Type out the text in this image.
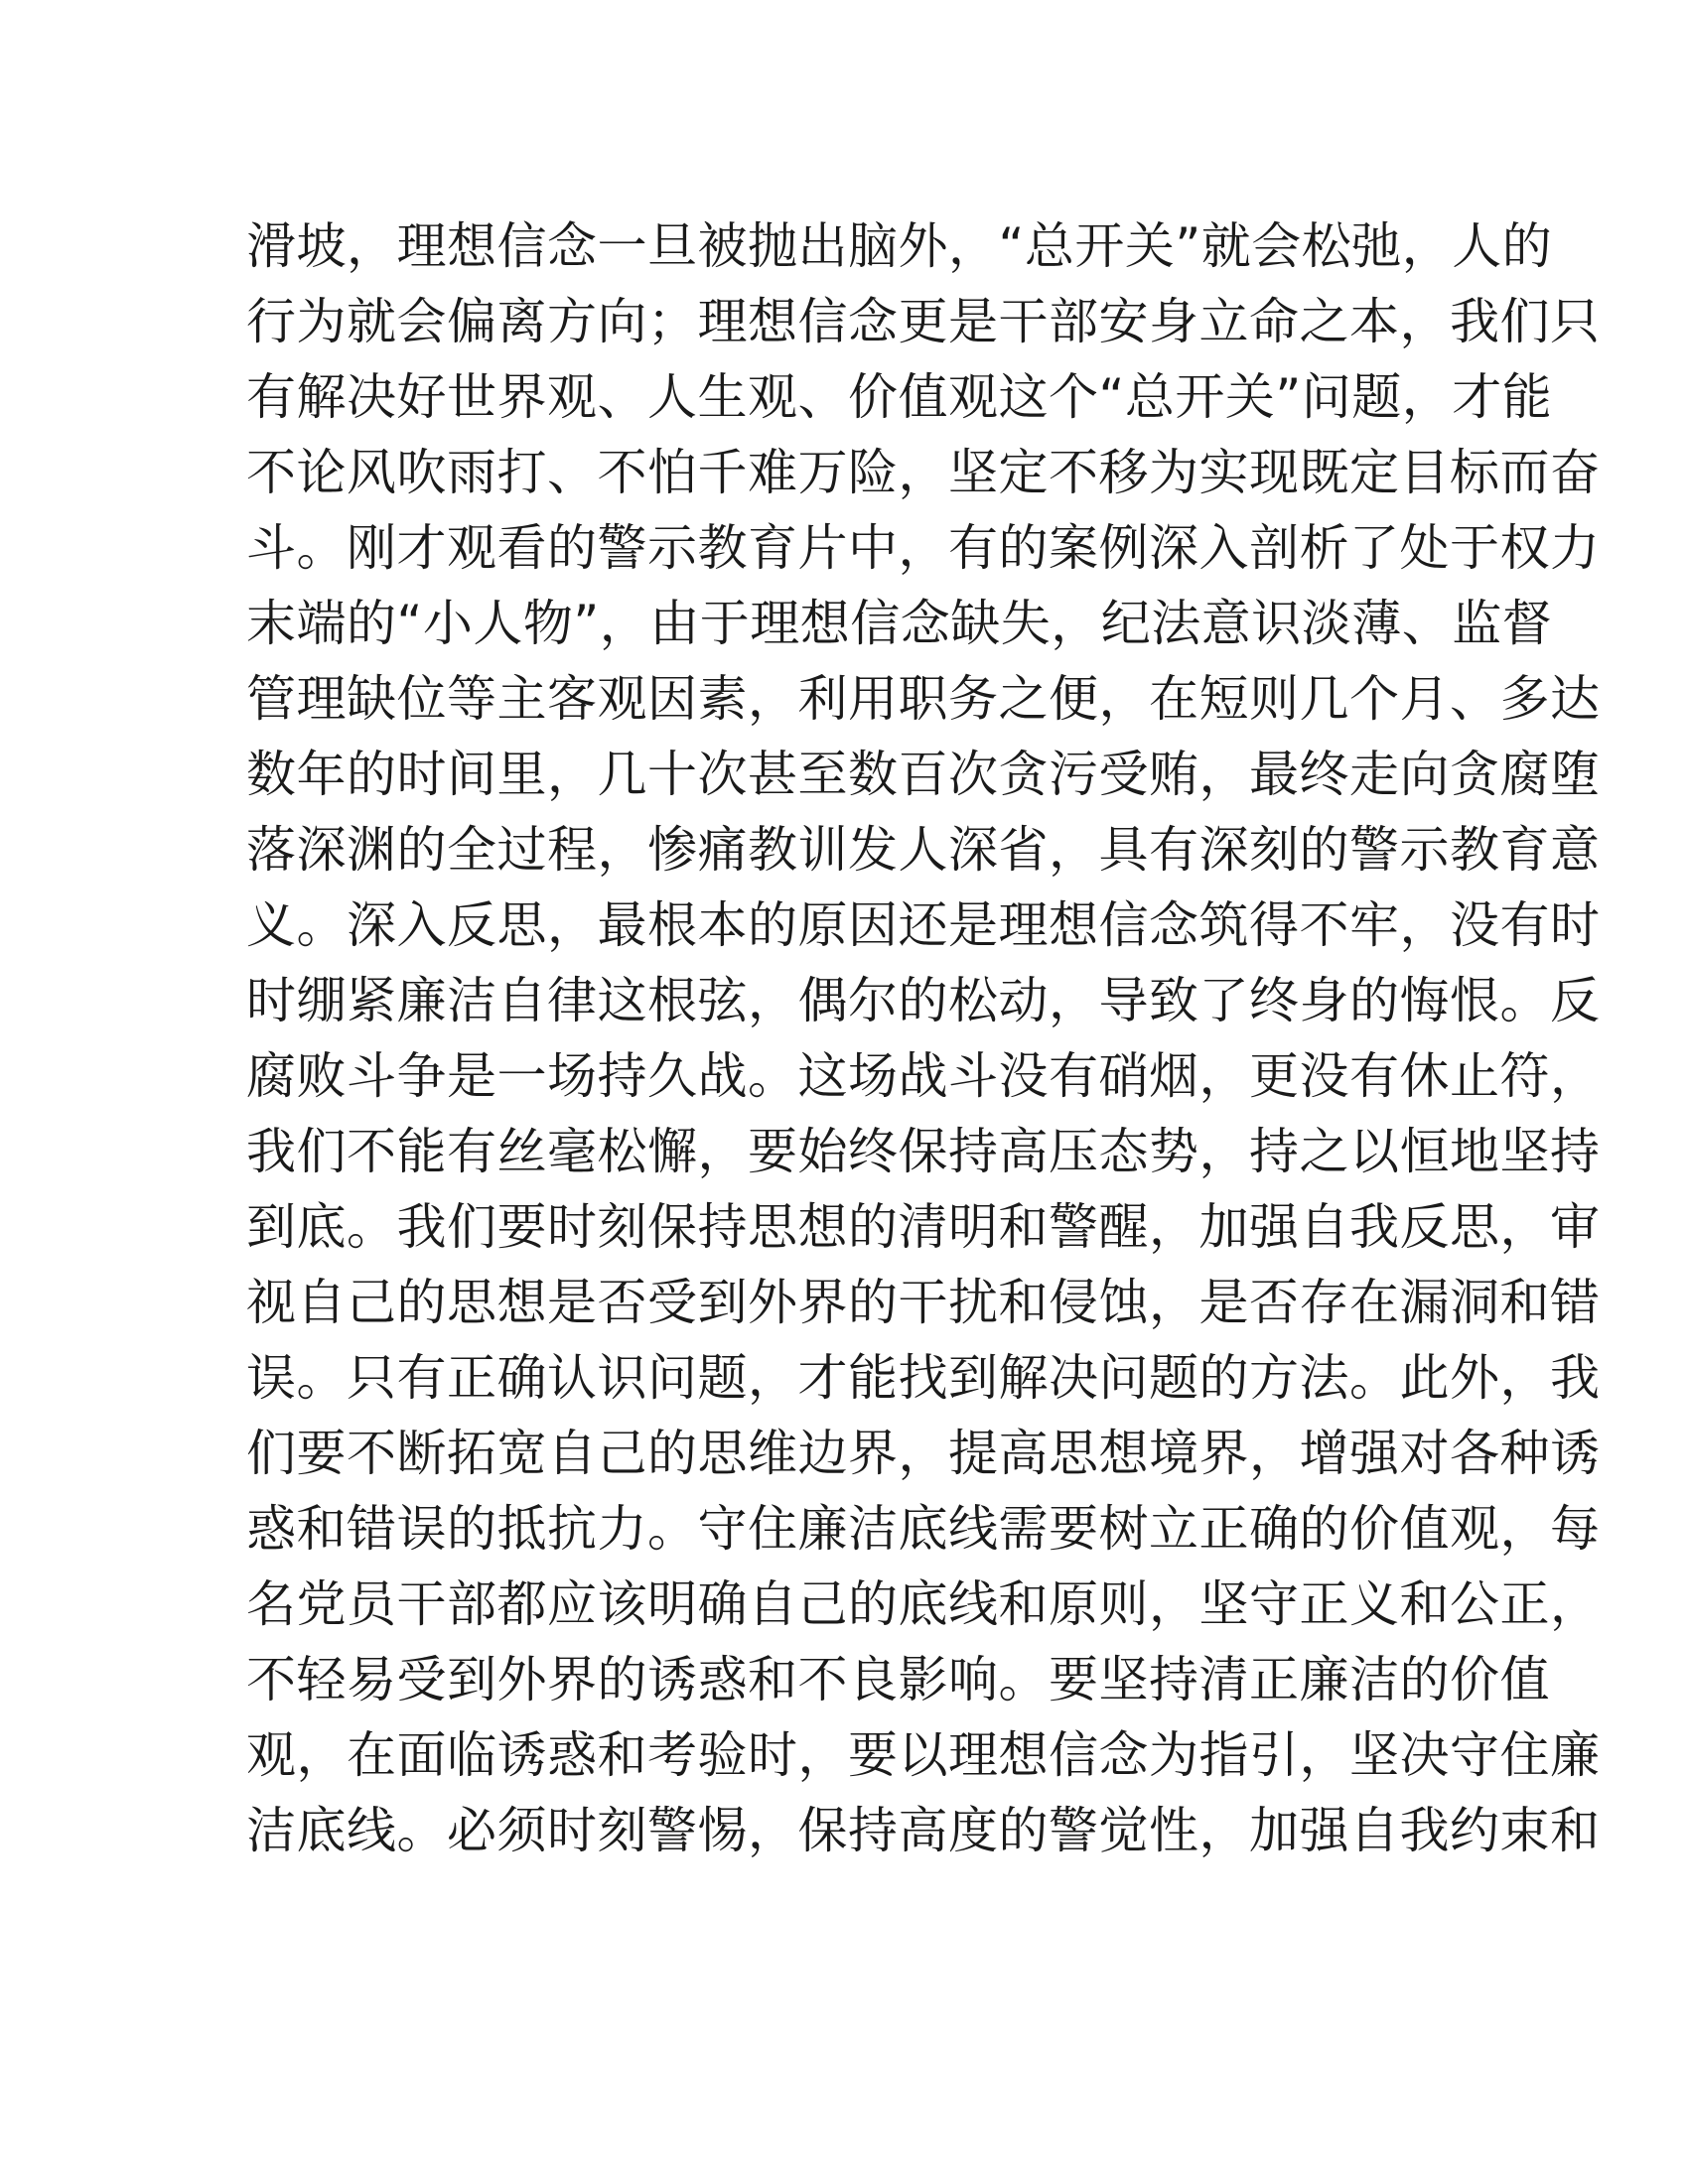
滑坡，理想信念一旦被抛出脑外，“总开关”就会松弛，人的
行为就会偏离方向；理想信念更是干部安身立命之本，我们只
有解决好世界观、人生观、价值观这个“总开关”问题，才能
不论风吹雨打、不怕千难万险，坚定不移为实现既定目标而奋
斗。刚才观看的警示教育片中，有的案例深入剖析了处于权力
末端的“小人物”，由于理想信念缺失，纪法意识淡薄、监督
管理缺位等主客观因素，利用职务之便，在短则几个月、多达
数年的时间里，几十次甚至数百次贪污受贿，最终走向贪腐堕
落深渊的全过程，惨痛教训发人深省，具有深刻的警示教育意
义。深入反思，最根本的原因还是理想信念筑得不牢，没有时
时绷紧廉洁自律这根弦，偶尔的松动，导致了终身的悔恨。反
腐败斗争是一场持久战。这场战斗没有硝烟，更没有休止符，
我们不能有丝毫松懈，要始终保持高压态势，持之以恒地坚持
到底。我们要时刻保持思想的清明和警醒，加强自我反思，审
视自己的思想是否受到外界的干扰和侵蚀，是否存在漏洞和错
误。只有正确认识问题，才能找到解决问题的方法。此外，我
们要不断拓宽自己的思维边界，提高思想境界，增强对各种诱
惑和错误的抵抗力。守住廉洁底线需要树立正确的价值观，每
名党员干部都应该明确自己的底线和原则，坚守正义和公正，
不轻易受到外界的诱惑和不良影响。要坚持清正廉洁的价值
观，在面临诱惑和考验时，要以理想信念为指引，坚决守住廉
洁底线。必须时刻警惕，保持高度的警觉性，加强自我约束和
